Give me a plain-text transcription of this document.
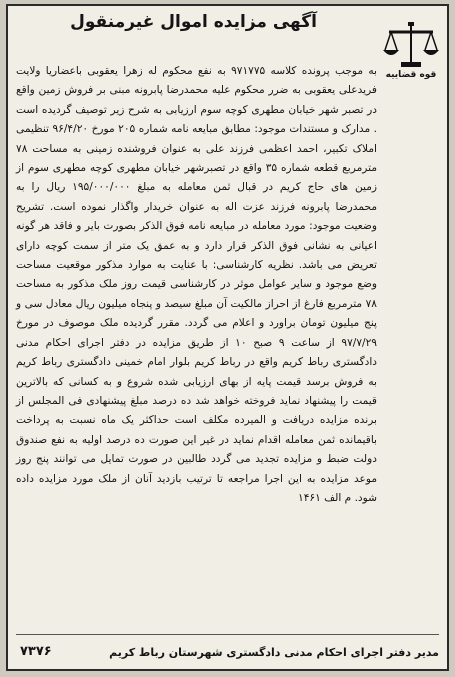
آگهی مزایده اموال غیرمنقول
قوه قضاییه
به موجب پرونده کلاسه ۹۷۱۷۷۵ به نفع محکوم له زهرا یعقوبی باعضاریا ولایت فریدعلی یعقوبی به ضرر محکوم علیه محمدرضا پابرونه مبنی بر فروش زمین واقع در تصبر شهر خیابان مطهری کوچه سوم ارزیابی به شرح زیر توصیف گردیده است . مدارک و مستندات موجود: مطابق مبایعه نامه شماره ۲۰۵ مورخ ۹۶/۴/۲۰ تنظیمی املاک تکبیر، احمد اعظمی فرزند علی به عنوان فروشنده زمینی به مساحت ۷۸ مترمربع قطعه شماره ۳۵ واقع در تصبرشهر خیابان مطهری کوچه مطهری سوم از زمین های حاج کریم در قبال ثمن معامله به مبلغ ۱۹۵/۰۰۰/۰۰۰ ریال را به محمدرضا پابرونه فرزند عزت اله به عنوان خریدار واگذار نموده است. تشریح وضعیت موجود: مورد معامله در مبایعه نامه فوق الذکر بصورت بایر و فاقد هر گونه اعیانی به نشانی فوق الذکر قرار دارد و به عمق یک متر از سمت کوچه دارای تعریض می باشد. نظریه کارشناسی: با عنایت به موارد مذکور موقعیت مساحت وضع موجود و سایر عوامل موثر در کارشناسی قیمت روز ملک مذکور به مساحت ۷۸ مترمربع فارغ از احراز مالکیت آن مبلغ سیصد و پنجاه میلیون ریال معادل سی و پنج میلیون تومان براورد و اعلام می گردد. مقرر گردیده ملک موصوف در مورخ ۹۷/۷/۲۹ از ساعت ۹ صبح ۱۰ از طریق مزایده در دفتر اجرای احکام مدنی دادگستری رباط کریم واقع در رباط کریم بلوار امام خمینی دادگستری رباط کریم به فروش برسد قیمت پایه از بهای ارزیابی شده شروع و به کسانی که بالاترین قیمت را پیشنهاد نماید فروخته خواهد شد ده درصد مبلغ پیشنهادی فی المجلس از برنده مزایده دریافت و المیرده مکلف است حداکثر یک ماه نسبت به پرداخت باقیمانده ثمن معامله اقدام نماید در غیر این صورت ده درصد اولیه به نفع صندوق دولت ضبط و مزایده تجدید می گردد طالبین در صورت تمایل می توانند پنج روز موعد مزایده به این اجرا مراجعه تا ترتیب بازدید آنان از ملک مورد مزایده داده شود. م الف ۱۴۶۱
مدیر دفتر اجرای احکام مدنی دادگستری شهرستان رباط کریم
۷۳۷۶
